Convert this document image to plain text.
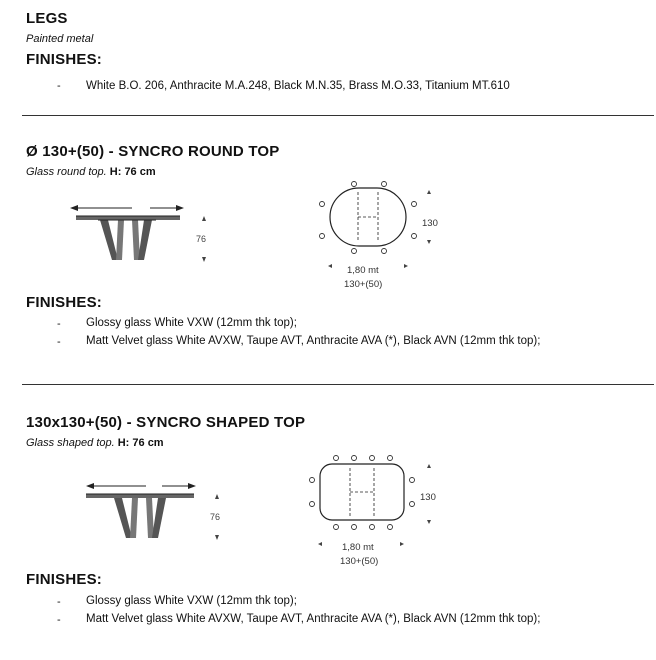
LEGS
Painted metal
FINISHES:
- White B.O. 206, Anthracite M.A.248, Black M.N.35, Brass M.O.33, Titanium MT.610
Ø 130+(50) - SYNCRO ROUND TOP
Glass round top. H: 76 cm
76
130
1,80 mt
130+(50)
FINISHES:
- Glossy glass White VXW (12mm thk top);
- Matt Velvet glass White AVXW, Taupe AVT, Anthracite AVA (*), Black AVN (12mm thk top);
130x130+(50) - SYNCRO SHAPED TOP
Glass shaped top. H: 76 cm
76
130
1,80 mt
130+(50)
FINISHES:
- Glossy glass White VXW (12mm thk top);
- Matt Velvet glass White AVXW, Taupe AVT, Anthracite AVA (*), Black AVN (12mm thk top);
